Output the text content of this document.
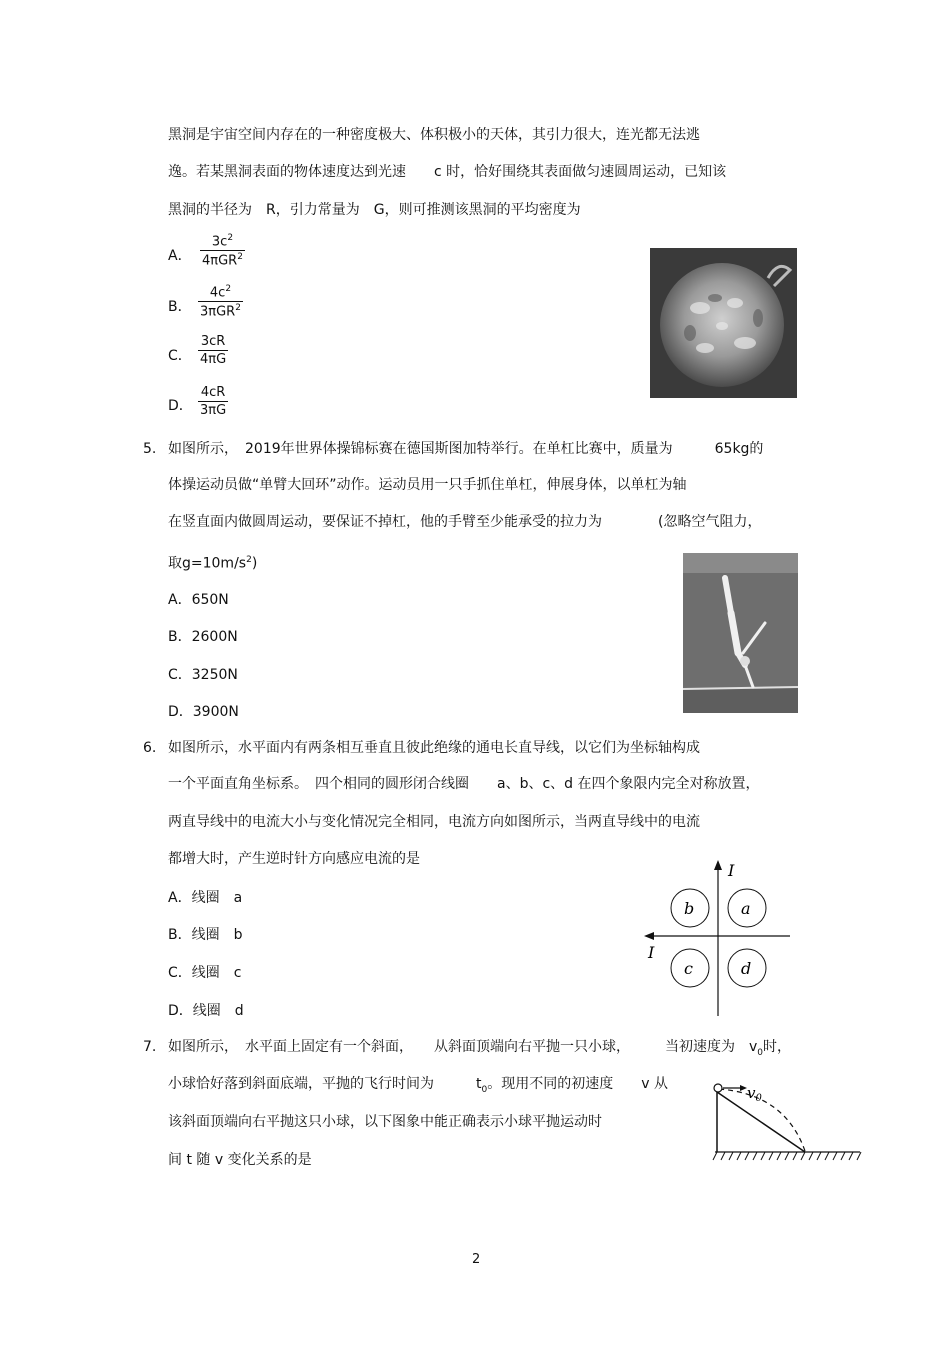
黑洞是宇宙空间内存在的一种密度极大、体积极小的天体，其引力很大，连光都无法逃
逸。若某黑洞表面的物体速度达到光速　　c 时，恰好围绕其表面做匀速圆周运动，已知该
黑洞的半径为　R，引力常量为　G，则可推测该黑洞的平均密度为
A．
$3c^2$
4πGR$^2$
B．
$4c^2$
3πGR$^2$
C．
3cR
4πG
D．
4cR
3πG
5. 如图所示，　2019年世界体操锦标赛在德国斯图加特举行。在单杠比赛中，质量为　　　65kg的
体操运动员做“单臂大回环”动作。运动员用一只手抓住单杠，伸展身体，以单杠为轴
在竖直面内做圆周运动，要保证不掉杠，他的手臂至少能承受的拉力为　　　　(忽略空气阻力，
取$g=10m/s^2$)
A．650N
B．2600N
C．3250N
D．3900N
6. 如图所示，水平面内有两条相互垂直且彼此绝缘的通电长直导线，以它们为坐标轴构成
一个平面直角坐标系。　四个相同的圆形闭合线圈　　a、b、c、d 在四个象限内完全对称放置，
两直导线中的电流大小与变化情况完全相同，电流方向如图所示，当两直导线中的电流
都增大时，产生逆时针方向感应电流的是
A．线圈　a
B．线圈　b
C．线圈　c
D．线圈　d
I
I
a
b
c	d
7. 如图所示，　水平面上固定有一个斜面，　　从斜面顶端向右平抛一只小球，　　　当初速度为　$v_0$时，
小球恰好落到斜面底端，平抛的飞行时间为　　　$t_0$。现用不同的初速度　　v 从
该斜面顶端向右平抛这只小球，以下图象中能正确表示小球平抛运动时
间 t 随 v 变化关系的是
$v_0$
2
